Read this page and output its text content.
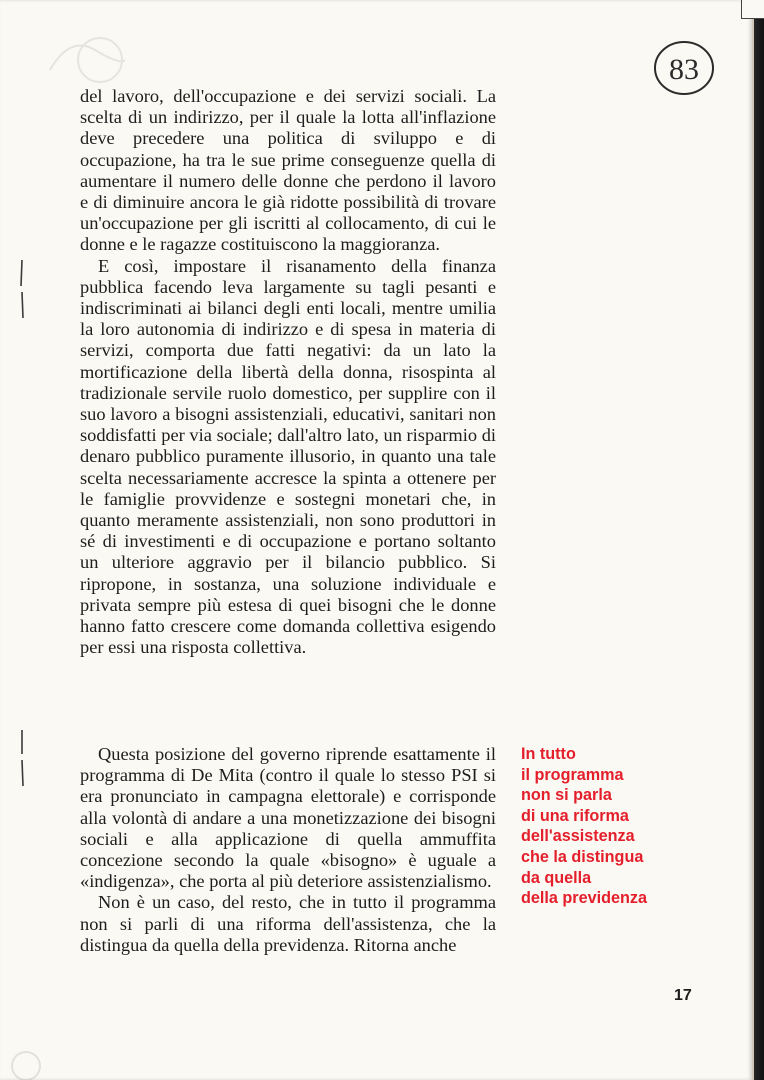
83

del lavoro, dell'occupazione e dei servizi sociali. La scelta di un indirizzo, per il quale la lotta all'inflazione deve precedere una politica di sviluppo e di occupazione, ha tra le sue prime conseguenze quella di aumentare il numero delle donne che perdono il lavoro e di diminuire ancora le già ridotte possibilità di trovare un'occupazione per gli iscritti al collocamento, di cui le donne e le ragazze costituiscono la maggioranza.

E così, impostare il risanamento della finanza pubblica facendo leva largamente su tagli pesanti e indiscriminati ai bilanci degli enti locali, mentre umilia la loro autonomia di indirizzo e di spesa in materia di servizi, comporta due fatti negativi: da un lato la mortificazione della libertà della donna, risospinta al tradizionale servile ruolo domestico, per supplire con il suo lavoro a bisogni assistenziali, educativi, sanitari non soddisfatti per via sociale; dall'altro lato, un risparmio di denaro pubblico puramente illusorio, in quanto una tale scelta necessariamente accresce la spinta a ottenere per le famiglie provvidenze e sostegni monetari che, in quanto meramente assistenziali, non sono produttori in sé di investimenti e di occupazione e portano soltanto un ulteriore aggravio per il bilancio pubblico. Si ripropone, in sostanza, una soluzione individuale e privata sempre più estesa di quei bisogni che le donne hanno fatto crescere come domanda collettiva esigendo per essi una risposta collettiva.

Questa posizione del governo riprende esattamente il programma di De Mita (contro il quale lo stesso PSI si era pronunciato in campagna elettorale) e corrisponde alla volontà di andare a una monetizzazione dei bisogni sociali e alla applicazione di quella ammuffita concezione secondo la quale «bisogno» è uguale a «indigenza», che porta al più deteriore assistenzialismo.

Non è un caso, del resto, che in tutto il programma non si parli di una riforma dell'assistenza, che la distingua da quella della previdenza. Ritorna anche

In tutto
il programma
non si parla
di una riforma
dell'assistenza
che la distingua
da quella
della previdenza
17
